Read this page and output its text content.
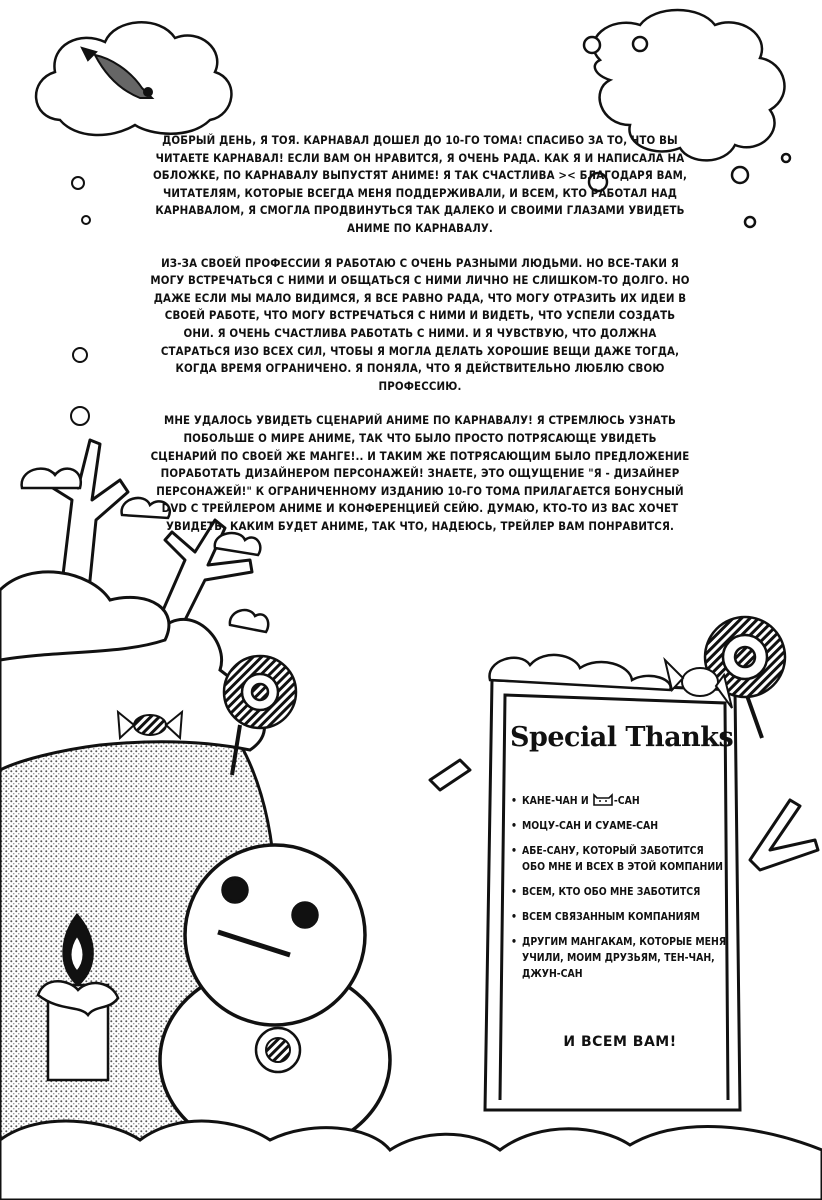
ДОБРЫЙ ДЕНЬ, Я ТОЯ. КАРНАВАЛ ДОШЕЛ ДО 10-ГО ТОМА! СПАСИБО ЗА ТО, ЧТО ВЫ ЧИТАЕТЕ КАРНАВАЛ! ЕСЛИ ВАМ ОН НРАВИТСЯ, Я ОЧЕНЬ РАДА. КАК Я И НАПИСАЛА НА ОБЛОЖКЕ, ПО КАРНАВАЛУ ВЫПУСТЯТ АНИМЕ! Я ТАК СЧАСТЛИВА >< БЛАГОДАРЯ ВАМ, ЧИТАТЕЛЯМ, КОТОРЫЕ ВСЕГДА МЕНЯ ПОДДЕРЖИВАЛИ, И ВСЕМ, КТО РАБОТАЛ НАД КАРНАВАЛОМ, Я СМОГЛА ПРОДВИНУТЬСЯ ТАК ДАЛЕКО И СВОИМИ ГЛАЗАМИ УВИДЕТЬ АНИМЕ ПО КАРНАВАЛУ.

ИЗ-ЗА СВОЕЙ ПРОФЕССИИ Я РАБОТАЮ С ОЧЕНЬ РАЗНЫМИ ЛЮДЬМИ. НО ВСЕ-ТАКИ Я МОГУ ВСТРЕЧАТЬСЯ С НИМИ И ОБЩАТЬСЯ С НИМИ ЛИЧНО НЕ СЛИШКОМ-ТО ДОЛГО. НО ДАЖЕ ЕСЛИ МЫ МАЛО ВИДИМСЯ, Я ВСЕ РАВНО РАДА, ЧТО МОГУ ОТРАЗИТЬ ИХ ИДЕИ В СВОЕЙ РАБОТЕ, ЧТО МОГУ ВСТРЕЧАТЬСЯ С НИМИ И ВИДЕТЬ, ЧТО УСПЕЛИ СОЗДАТЬ ОНИ. Я ОЧЕНЬ СЧАСТЛИВА РАБОТАТЬ С НИМИ. И Я ЧУВСТВУЮ, ЧТО ДОЛЖНА СТАРАТЬСЯ ИЗО ВСЕХ СИЛ, ЧТОБЫ Я МОГЛА ДЕЛАТЬ ХОРОШИЕ ВЕЩИ ДАЖЕ ТОГДА, КОГДА ВРЕМЯ ОГРАНИЧЕНО. Я ПОНЯЛА, ЧТО Я ДЕЙСТВИТЕЛЬНО ЛЮБЛЮ СВОЮ ПРОФЕССИЮ.

МНЕ УДАЛОСЬ УВИДЕТЬ СЦЕНАРИЙ АНИМЕ ПО КАРНАВАЛУ! Я СТРЕМЛЮСЬ УЗНАТЬ ПОБОЛЬШЕ О МИРЕ АНИМЕ, ТАК ЧТО БЫЛО ПРОСТО ПОТРЯСАЮЩЕ УВИДЕТЬ СЦЕНАРИЙ ПО СВОЕЙ ЖЕ МАНГЕ!.. И ТАКИМ ЖЕ ПОТРЯСАЮЩИМ БЫЛО ПРЕДЛОЖЕНИЕ ПОРАБОТАТЬ ДИЗАЙНЕРОМ ПЕРСОНАЖЕЙ! ЗНАЕТЕ, ЭТО ОЩУЩЕНИЕ "Я - ДИЗАЙНЕР ПЕРСОНАЖЕЙ!" К ОГРАНИЧЕННОМУ ИЗДАНИЮ 10-ГО ТОМА ПРИЛАГАЕТСЯ БОНУСНЫЙ DVD С ТРЕЙЛЕРОМ АНИМЕ И КОНФЕРЕНЦИЕЙ СЕЙЮ. ДУМАЮ, КТО-ТО ИЗ ВАС ХОЧЕТ УВИДЕТЬ, КАКИМ БУДЕТ АНИМЕ, ТАК ЧТО, НАДЕЮСЬ, ТРЕЙЛЕР ВАМ ПОНРАВИТСЯ.

Special Thanks
• КАНЕ-ЧАН И -САН
• МОЦУ-САН И СУАМЕ-САН
• АБЕ-САНУ, КОТОРЫЙ ЗАБОТИТСЯ ОБО МНЕ И ВСЕХ В ЭТОЙ КОМПАНИИ
• ВСЕМ, КТО ОБО МНЕ ЗАБОТИТСЯ
• ВСЕМ СВЯЗАННЫМ КОМПАНИЯМ
• ДРУГИМ МАНГАКАМ, КОТОРЫЕ МЕНЯ УЧИЛИ, МОИМ ДРУЗЬЯМ, ТЕН-ЧАН, ДЖУН-САН
И ВСЕМ ВАМ!
